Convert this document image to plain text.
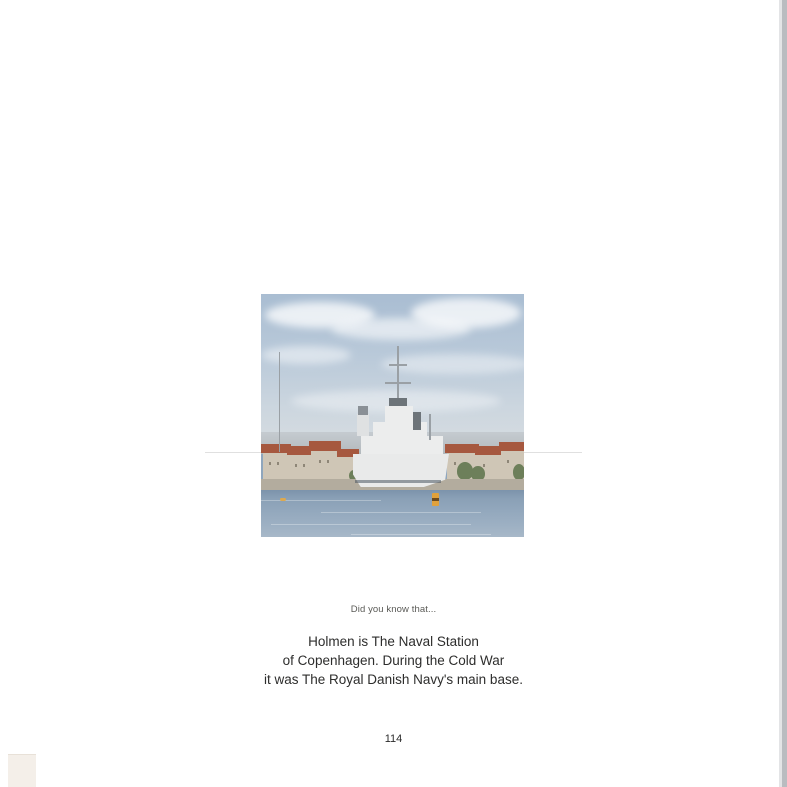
Did you know that...
Holmen is The Naval Station
of Copenhagen. During the Cold War
it was The Royal Danish Navy's main base.
114
